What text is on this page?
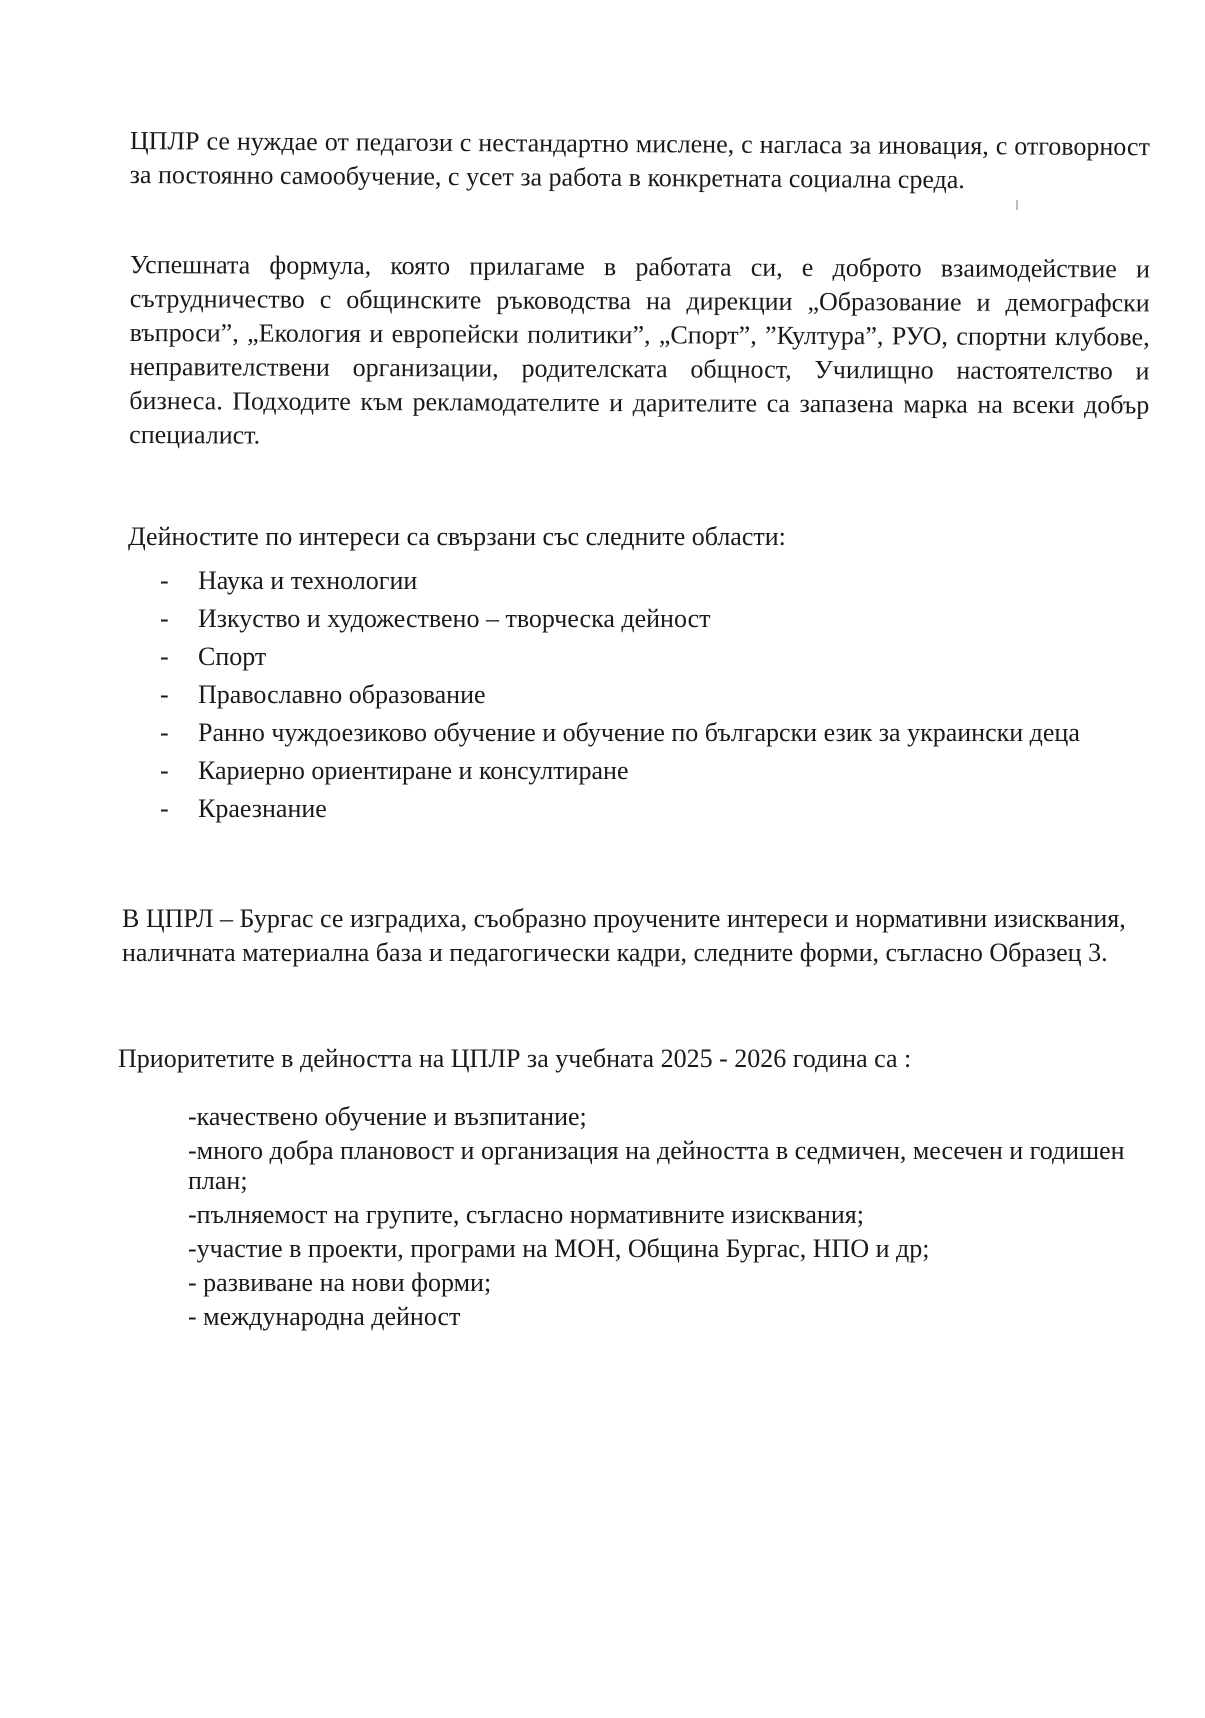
ЦПЛР се нуждае от педагози с нестандартно мислене, с нагласа за иновация, с отговорност за постоянно самообучение, с усет за работа в конкретната социална среда.

Успешната формула, която прилагаме в работата си, е доброто взаимодействие и сътрудничество с общинските ръководства на дирекции „Образование и демографски въпроси”, „Екология и европейски политики”, „Спорт”, ”Култура”, РУО, спортни клубове, неправителствени организации, родителската общност, Училищно настоятелство и бизнеса. Подходите към рекламодателите и дарителите са запазена марка на всеки добър специалист.

Дейностите по интереси са свързани със следните области:

- Наука и технологии
- Изкуство и художествено – творческа дейност
- Спорт
- Православно образование
- Ранно чуждоезиково обучение и обучение по български език за украински деца
- Кариерно ориентиране и консултиране
- Краезнание

В ЦПРЛ – Бургас се изградиха, съобразно проучените интереси и нормативни изисквания, наличната материална база и педагогически кадри, следните форми, съгласно Образец 3.

Приоритетите в дейността на ЦПЛР за учебната 2025 - 2026 година са :

-качествено обучение и възпитание;
-много добра плановост и организация на дейността в седмичен, месечен и годишен план;
-пълняемост на групите, съгласно нормативните изисквания;
-участие в проекти, програми на МОН, Община Бургас, НПО и др;
- развиване на нови форми;
- международна дейност
